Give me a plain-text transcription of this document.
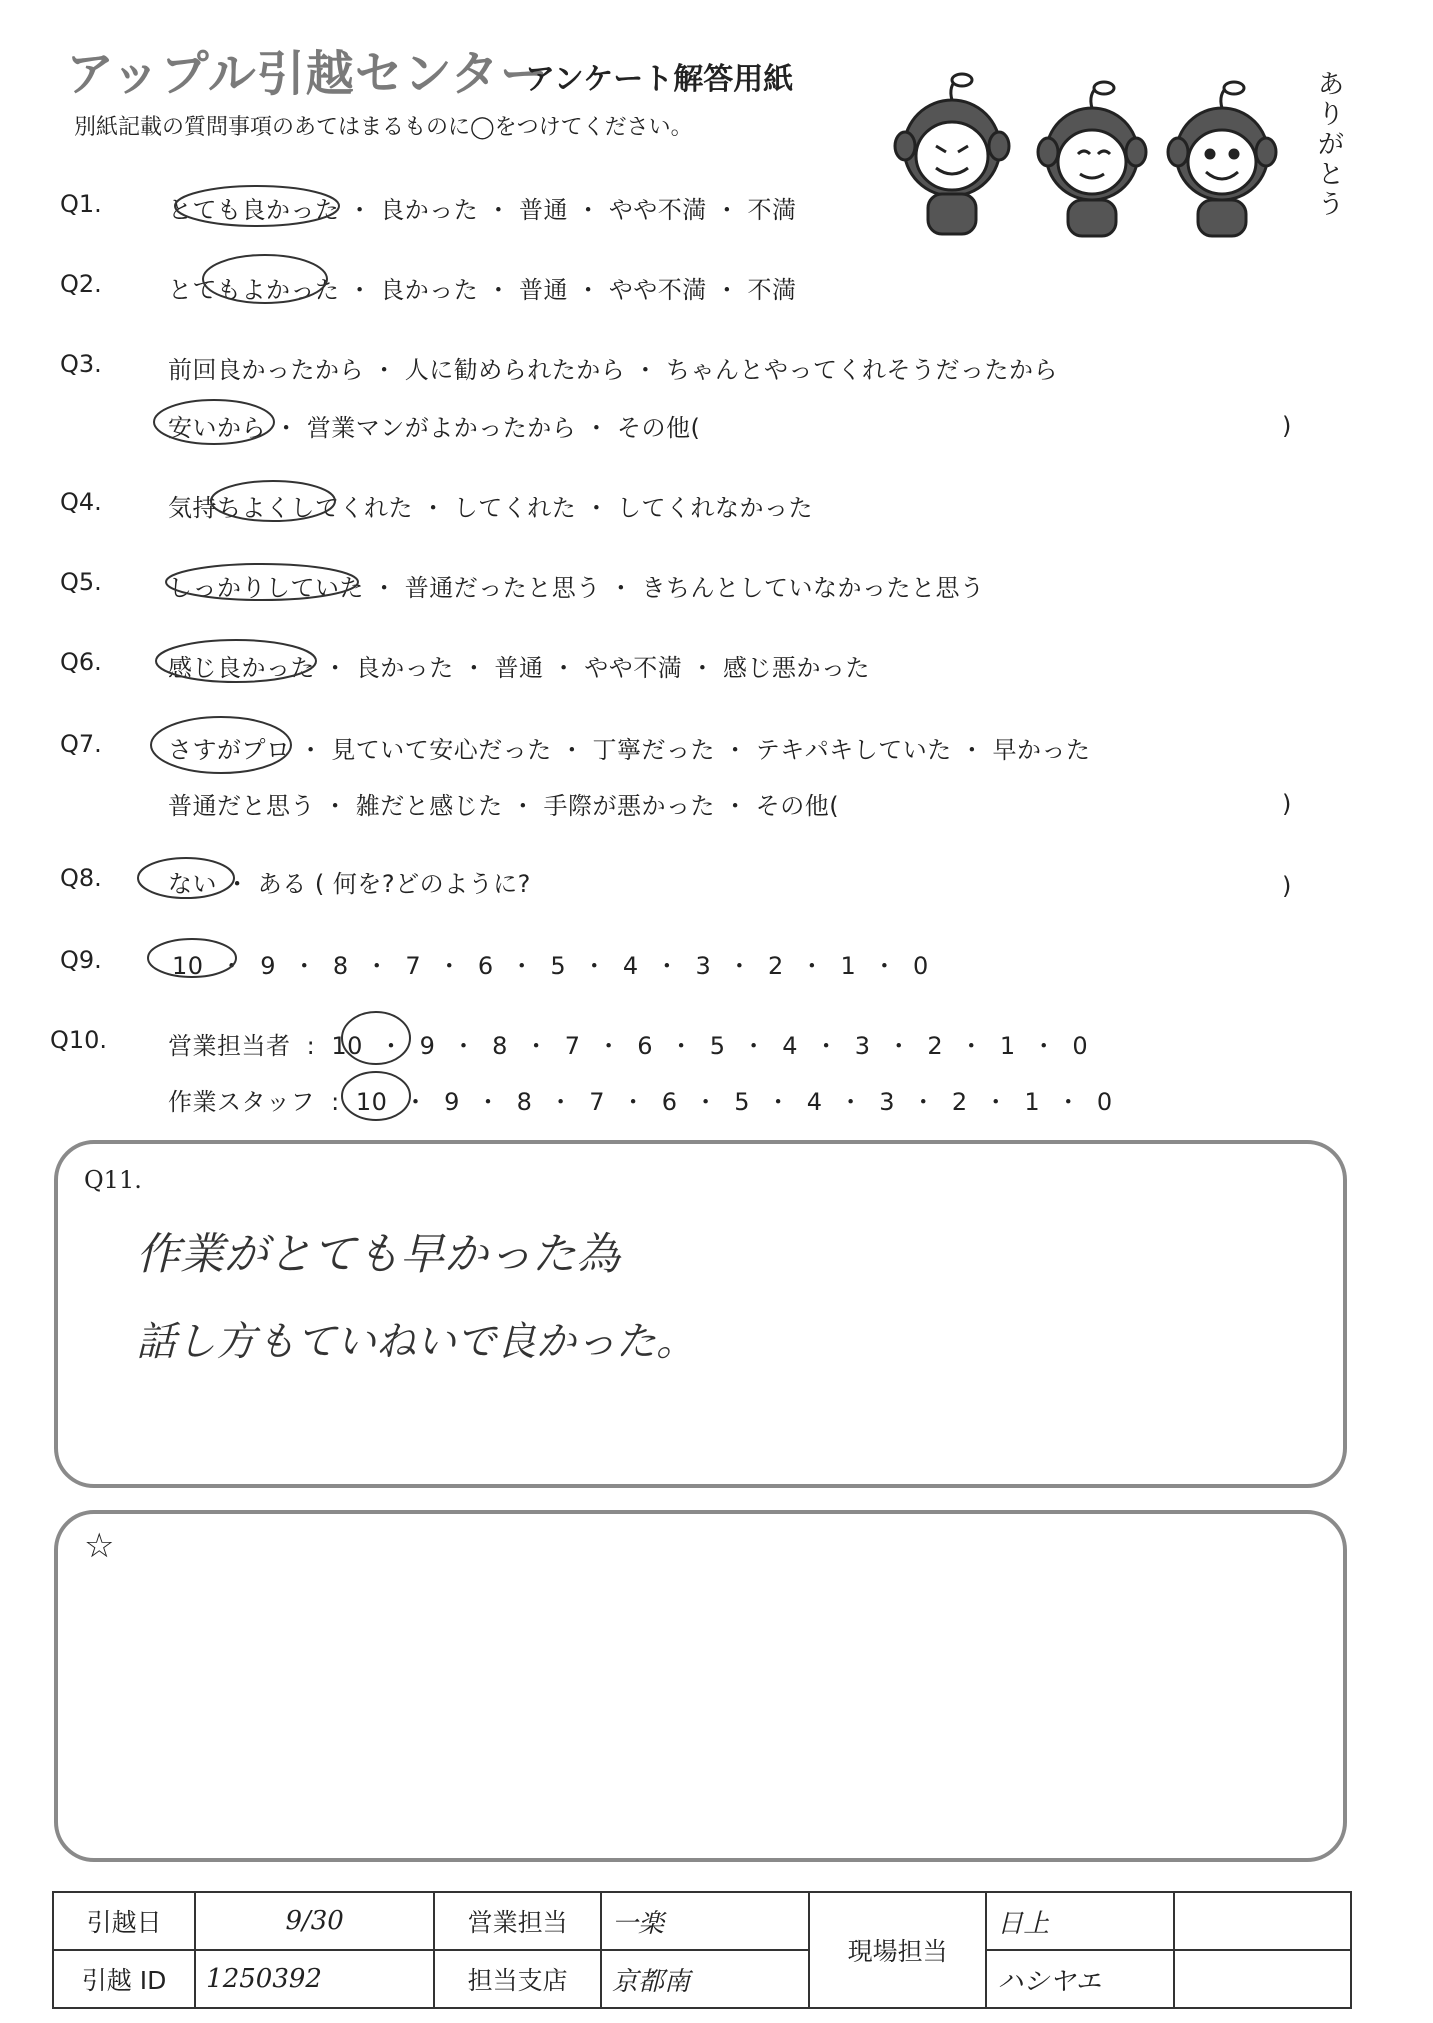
アップル引越センター
アンケート解答用紙
別紙記載の質問事項のあてはまるものに◯をつけてください。
ありがとう
Q1.	とても良かった ・ 良かった ・ 普通 ・ やや不満 ・ 不満
Q2.	とてもよかった ・ 良かった ・ 普通 ・ やや不満 ・ 不満
Q3.	前回良かったから ・ 人に勧められたから ・ ちゃんとやってくれそうだったから
安いから ・ 営業マンがよかったから ・ その他(	)
Q4.	気持ちよくしてくれた ・ してくれた ・ してくれなかった
Q5.	しっかりしていた ・ 普通だったと思う ・ きちんとしていなかったと思う
Q6.	感じ良かった ・ 良かった ・ 普通 ・ やや不満 ・ 感じ悪かった
Q7.	さすがプロ ・ 見ていて安心だった ・ 丁寧だった ・ テキパキしていた ・ 早かった
普通だと思う ・ 雑だと感じた ・ 手際が悪かった ・ その他(	)
Q8.	ない ・ ある ( 何を?どのように?	)
Q9.	10 ・ 9 ・ 8 ・ 7 ・ 6 ・ 5 ・ 4 ・ 3 ・ 2 ・ 1 ・ 0
Q10.	営業担当者 : 10 ・ 9 ・ 8 ・ 7 ・ 6 ・ 5 ・ 4 ・ 3 ・ 2 ・ 1 ・ 0
作業スタッフ : 10 ・ 9 ・ 8 ・ 7 ・ 6 ・ 5 ・ 4 ・ 3 ・ 2 ・ 1 ・ 0
Q11.
作業がとても早かった為
話し方もていねいで良かった。
☆
引越日	9/30	営業担当	一楽	現場担当	日上	
引越 ID	1250392	担当支店	京都南		ハシヤエ	
